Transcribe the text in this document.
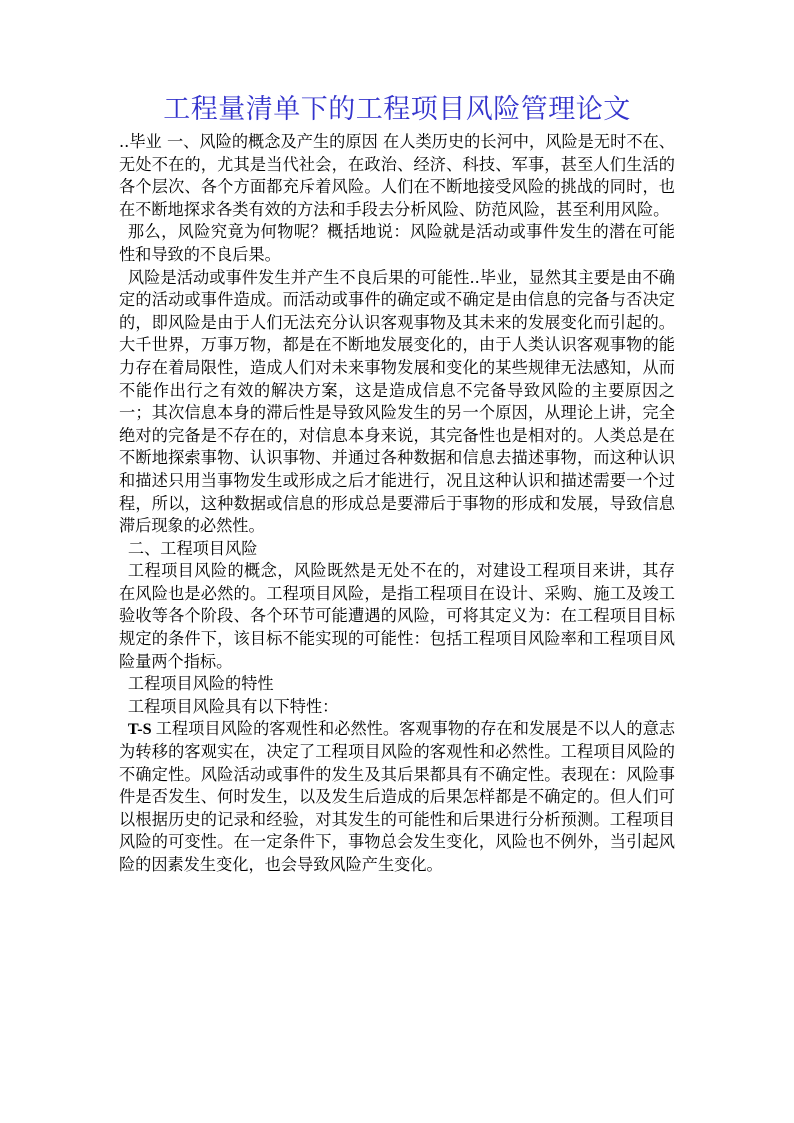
工程量清单下的工程项目风险管理论文

..毕业 一、风险的概念及产生的原因 在人类历史的长河中，风险是无时不在、无处不在的，尤其是当代社会，在政治、经济、科技、军事，甚至人们生活的各个层次、各个方面都充斥着风险。人们在不断地接受风险的挑战的同时，也在不断地探求各类有效的方法和手段去分析风险、防范风险，甚至利用风险。

那么，风险究竟为何物呢？概括地说：风险就是活动或事件发生的潜在可能性和导致的不良后果。

风险是活动或事件发生并产生不良后果的可能性..毕业，显然其主要是由不确定的活动或事件造成。而活动或事件的确定或不确定是由信息的完备与否决定的，即风险是由于人们无法充分认识客观事物及其未来的发展变化而引起的。大千世界，万事万物，都是在不断地发展变化的，由于人类认识客观事物的能力存在着局限性，造成人们对未来事物发展和变化的某些规律无法感知，从而不能作出行之有效的解决方案，这是造成信息不完备导致风险的主要原因之一；其次信息本身的滞后性是导致风险发生的另一个原因，从理论上讲，完全绝对的完备是不存在的，对信息本身来说，其完备性也是相对的。人类总是在不断地探索事物、认识事物、并通过各种数据和信息去描述事物，而这种认识和描述只用当事物发生或形成之后才能进行，况且这种认识和描述需要一个过程，所以，这种数据或信息的形成总是要滞后于事物的形成和发展，导致信息滞后现象的必然性。

二、工程项目风险

工程项目风险的概念，风险既然是无处不在的，对建设工程项目来讲，其存在风险也是必然的。工程项目风险，是指工程项目在设计、采购、施工及竣工验收等各个阶段、各个环节可能遭遇的风险，可将其定义为：在工程项目目标规定的条件下，该目标不能实现的可能性：包括工程项目风险率和工程项目风险量两个指标。

工程项目风险的特性

工程项目风险具有以下特性：

T-S 工程项目风险的客观性和必然性。客观事物的存在和发展是不以人的意志为转移的客观实在，决定了工程项目风险的客观性和必然性。工程项目风险的不确定性。风险活动或事件的发生及其后果都具有不确定性。表现在：风险事件是否发生、何时发生，以及发生后造成的后果怎样都是不确定的。但人们可以根据历史的记录和经验，对其发生的可能性和后果进行分析预测。工程项目风险的可变性。在一定条件下，事物总会发生变化，风险也不例外，当引起风险的因素发生变化，也会导致风险产生变化。
